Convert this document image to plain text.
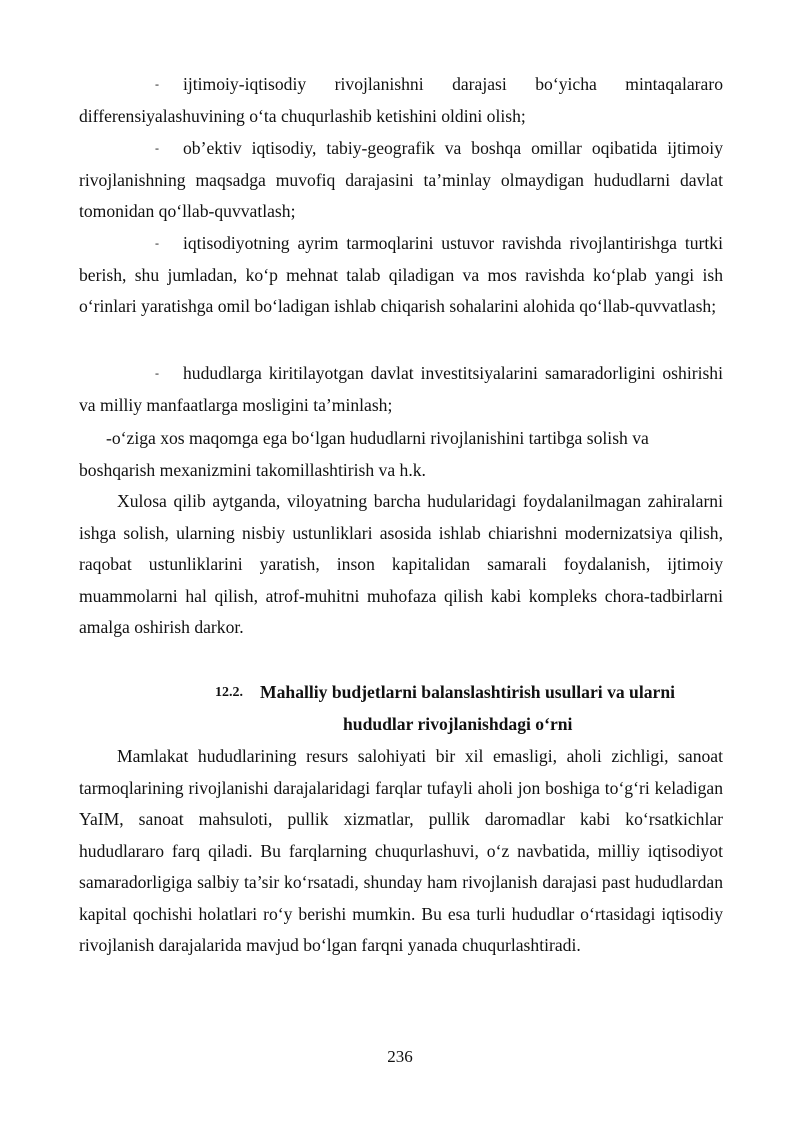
- ijtimoiy-iqtisodiy rivojlanishni darajasi bo‘yicha mintaqalararo differensiyalashuvining o‘ta chuqurlashib ketishini oldini olish;

- ob’ektiv iqtisodiy, tabiy-geografik va boshqa omillar oqibatida ijtimoiy rivojlanishning maqsadga muvofiq darajasini ta’minlay olmaydigan hududlarni davlat tomonidan qo‘llab-quvvatlash;

- iqtisodiyotning ayrim tarmoqlarini ustuvor ravishda rivojlantirishga turtki berish, shu jumladan, ko‘p mehnat talab qiladigan va mos ravishda ko‘plab yangi ish o‘rinlari yaratishga omil bo‘ladigan ishlab chiqarish sohalarini alohida qo‘llab-quvvatlash;

- hududlarga kiritilayotgan davlat investitsiyalarini samaradorligini oshirishi va milliy manfaatlarga mosligini ta’minlash;

-o‘ziga xos maqomga ega bo‘lgan hududlarni rivojlanishini tartibga solish va boshqarish mexanizmini takomillashtirish va h.k.

Xulosa qilib aytganda, viloyatning barcha hudularidagi foydalanilmagan zahiralarni ishga solish, ularning nisbiy ustunliklari asosida ishlab chiarishni modernizatsiya qilish, raqobat ustunliklarini yaratish, inson kapitalidan samarali foydalanish, ijtimoiy muammolarni hal qilish, atrof-muhitni muhofaza qilish kabi kompleks chora-tadbirlarni amalga oshirish darkor.

12.2. Mahalliy budjetlarni balanslashtirish usullari va ularni
hududlar rivojlanishdagi o‘rni

Mamlakat hududlarining resurs salohiyati bir xil emasligi, aholi zichligi, sanoat tarmoqlarining rivojlanishi darajalaridagi farqlar tufayli aholi jon boshiga to‘g‘ri keladigan YaIM, sanoat mahsuloti, pullik xizmatlar, pullik daromadlar kabi ko‘rsatkichlar hududlararo farq qiladi. Bu farqlarning chuqurlashuvi, o‘z navbatida, milliy iqtisodiyot samaradorligiga salbiy ta’sir ko‘rsatadi, shunday ham rivojlanish darajasi past hududlardan kapital qochishi holatlari ro‘y berishi mumkin. Bu esa turli hududlar o‘rtasidagi iqtisodiy rivojlanish darajalarida mavjud bo‘lgan farqni yanada chuqurlashtiradi.

236
